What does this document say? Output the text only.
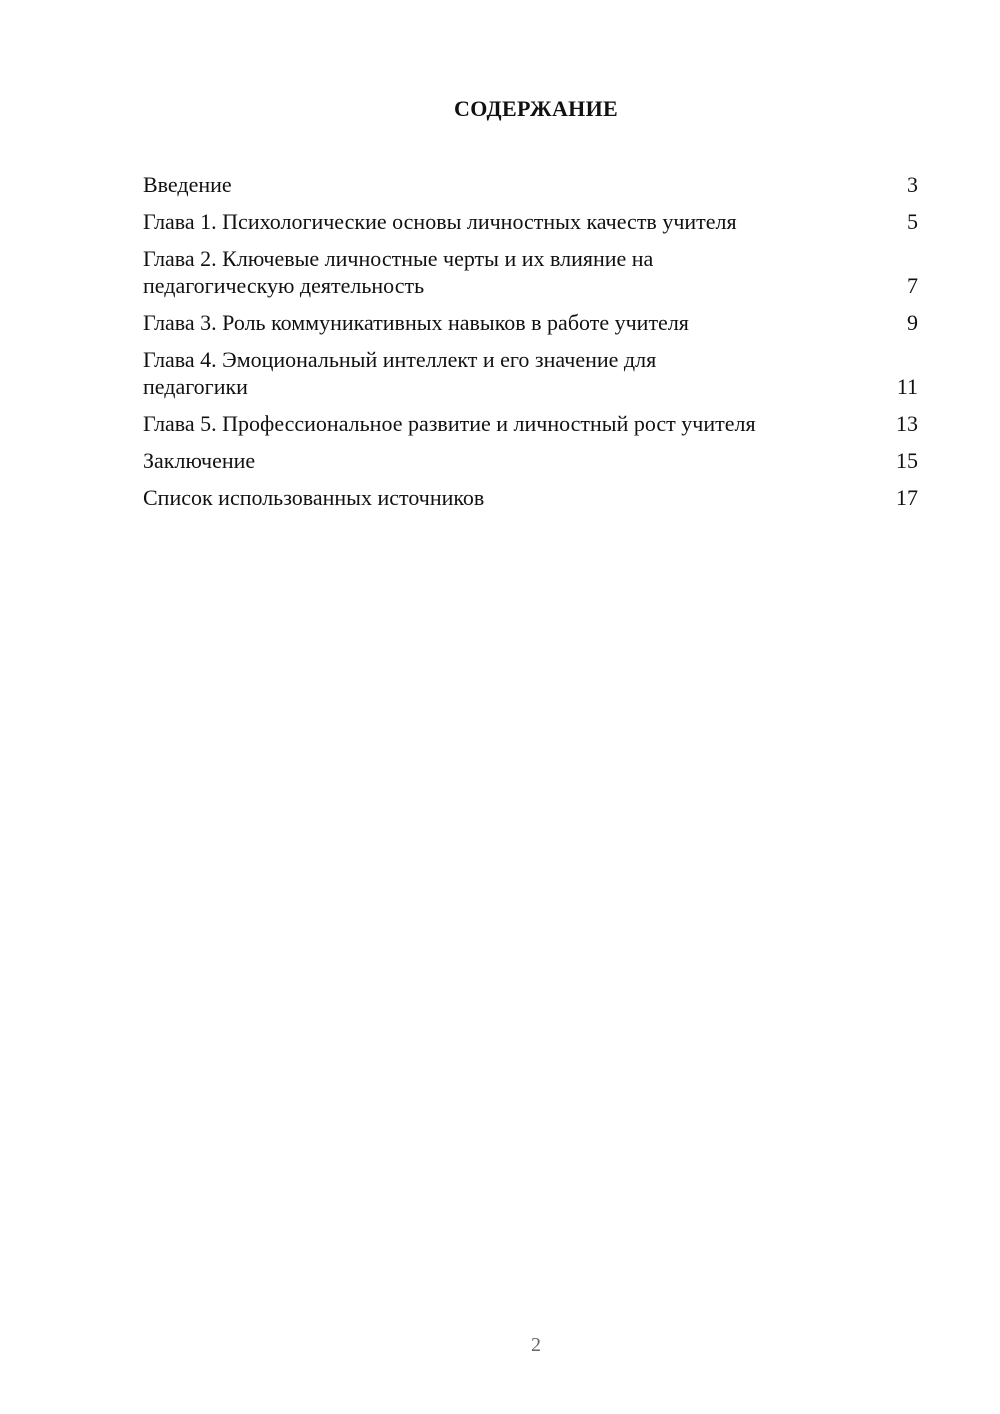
СОДЕРЖАНИЕ
Введение	3
Глава 1. Психологические основы личностных качеств учителя	5
Глава 2. Ключевые личностные черты и их влияние на педагогическую деятельность	7
Глава 3. Роль коммуникативных навыков в работе учителя	9
Глава 4. Эмоциональный интеллект и его значение для педагогики	11
Глава 5. Профессиональное развитие и личностный рост учителя	13
Заключение	15
Список использованных источников	17
2
